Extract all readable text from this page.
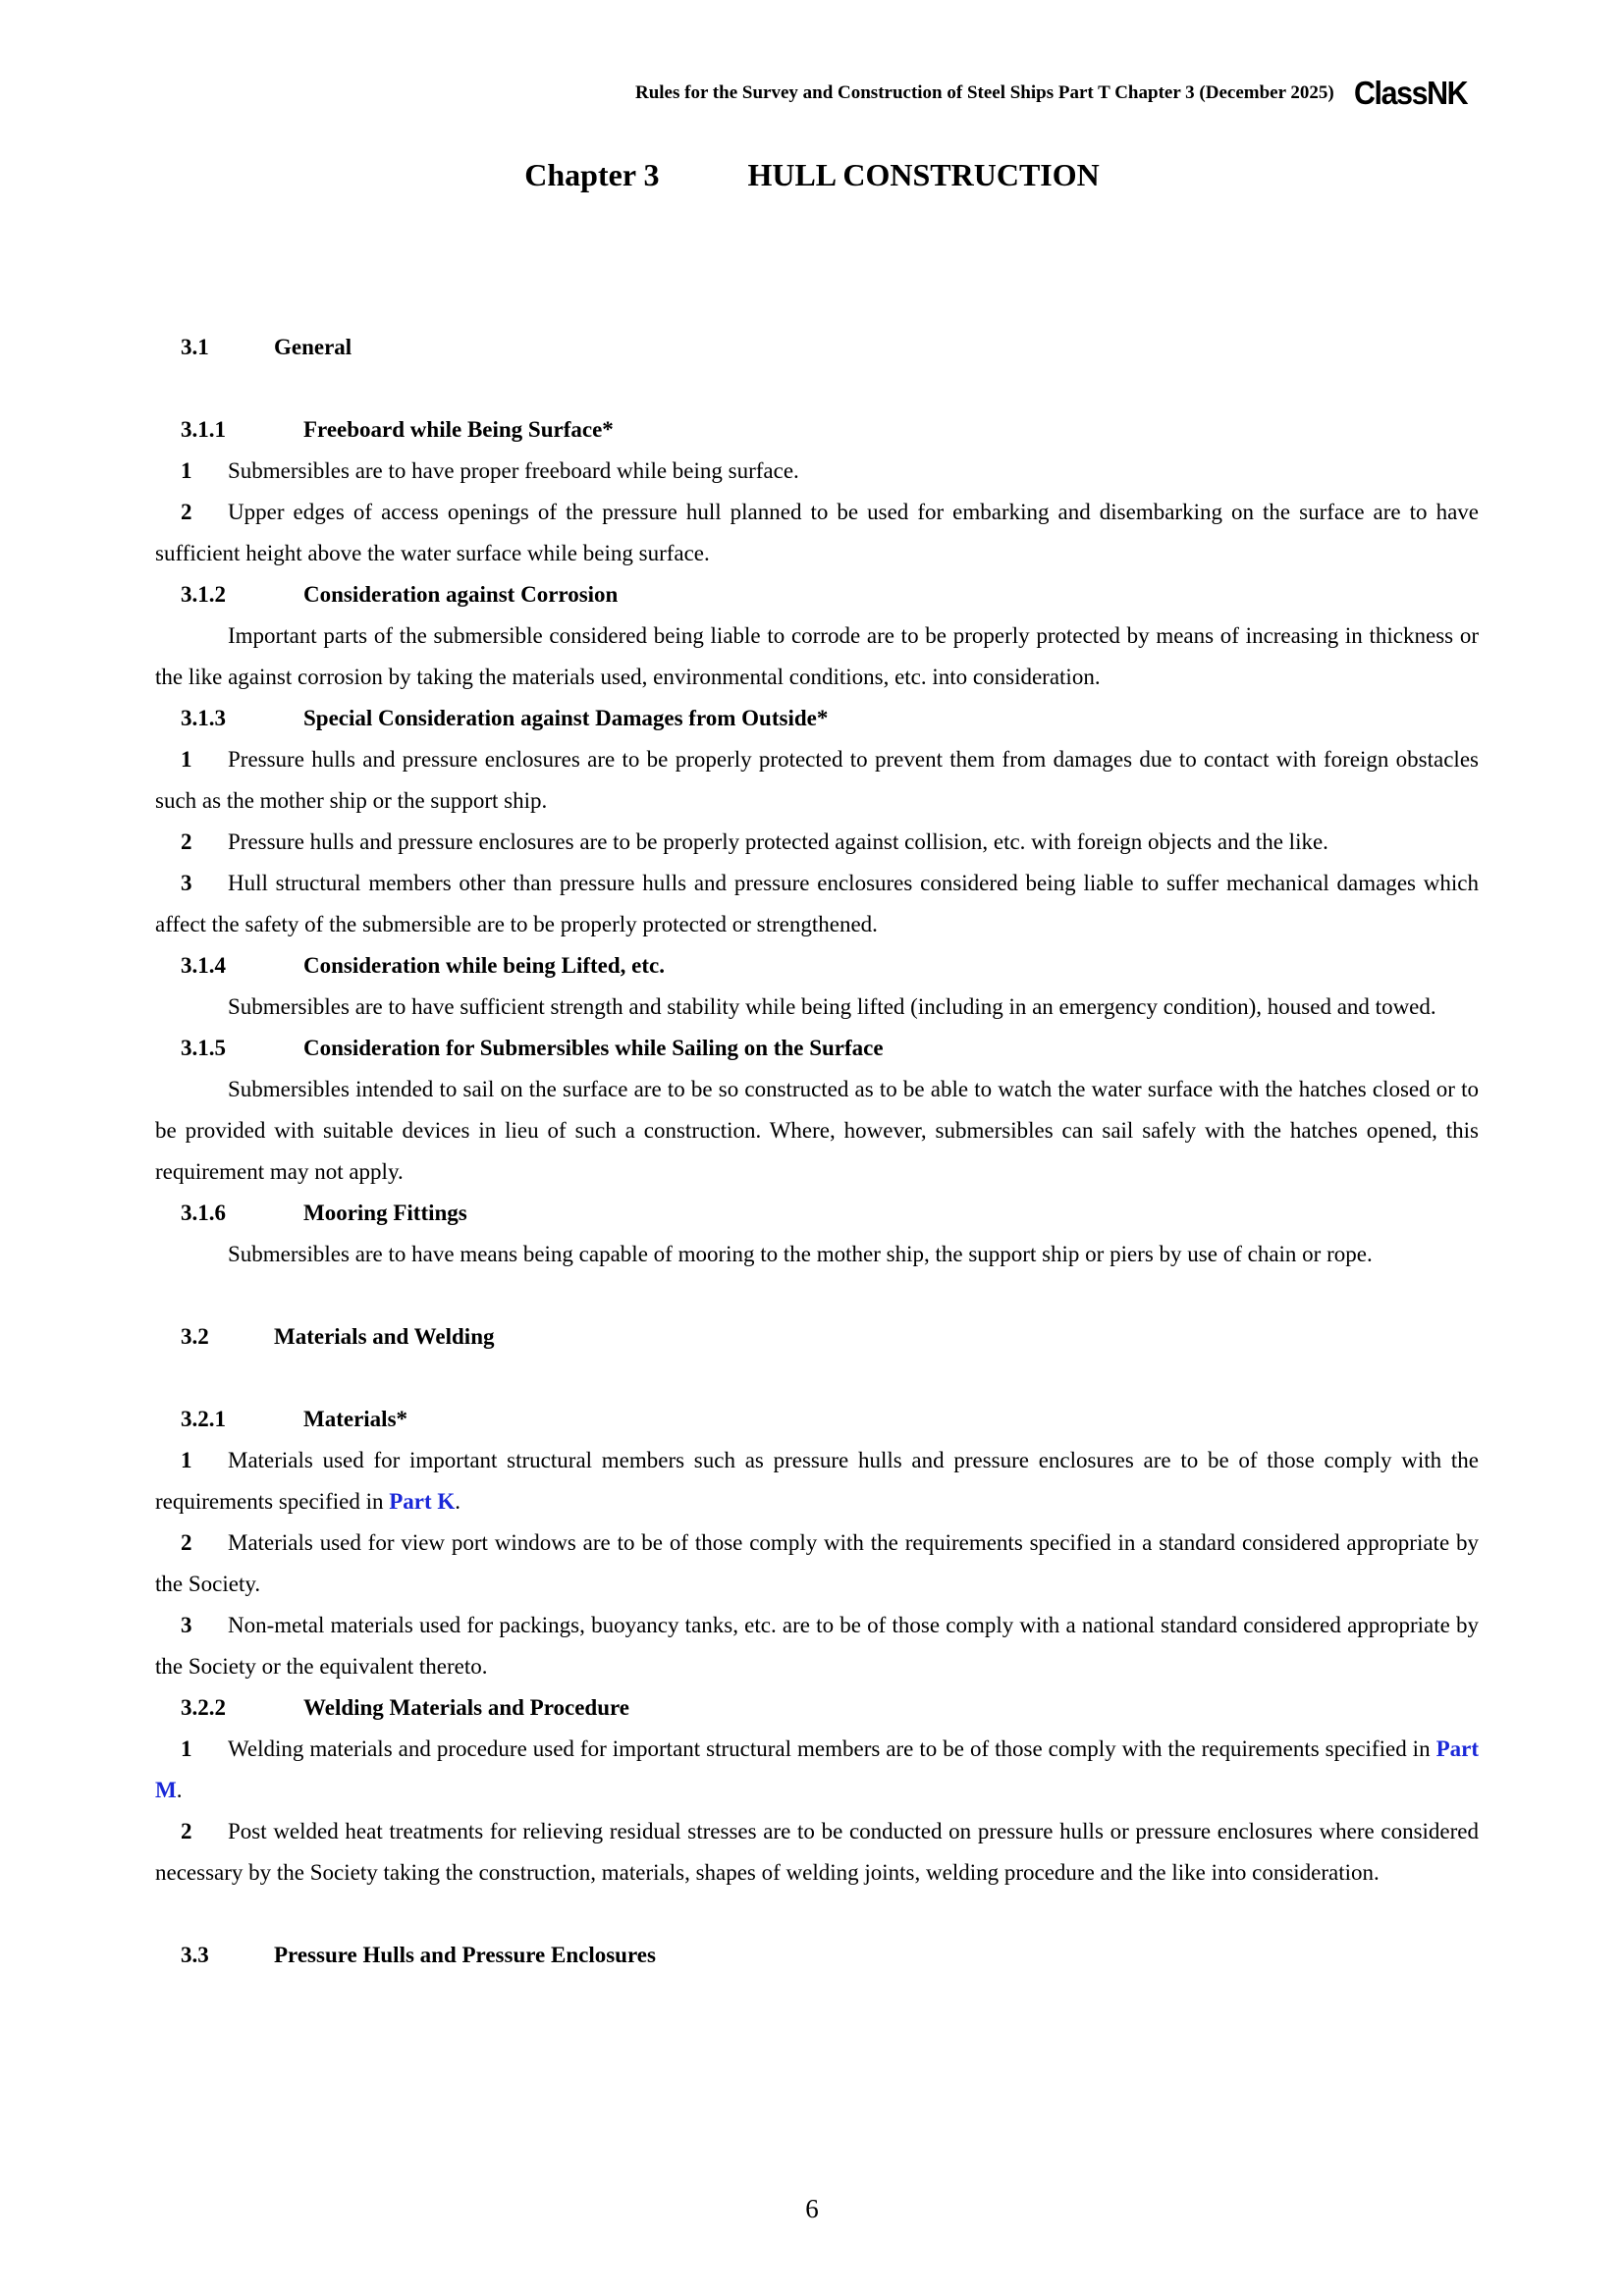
Rules for the Survey and Construction of Steel Ships Part T Chapter 3 (December 2025) ClassNK
Chapter 3	HULL CONSTRUCTION
3.1	General
3.1.1	Freeboard while Being Surface*

1 Submersibles are to have proper freeboard while being surface.

2 Upper edges of access openings of the pressure hull planned to be used for embarking and disembarking on the surface are to have sufficient height above the water surface while being surface.

3.1.2	Consideration against Corrosion

Important parts of the submersible considered being liable to corrode are to be properly protected by means of increasing in thickness or the like against corrosion by taking the materials used, environmental conditions, etc. into consideration.

3.1.3	Special Consideration against Damages from Outside*

1 Pressure hulls and pressure enclosures are to be properly protected to prevent them from damages due to contact with foreign obstacles such as the mother ship or the support ship.

2 Pressure hulls and pressure enclosures are to be properly protected against collision, etc. with foreign objects and the like.

3 Hull structural members other than pressure hulls and pressure enclosures considered being liable to suffer mechanical damages which affect the safety of the submersible are to be properly protected or strengthened.

3.1.4	Consideration while being Lifted, etc.

Submersibles are to have sufficient strength and stability while being lifted (including in an emergency condition), housed and towed.

3.1.5	Consideration for Submersibles while Sailing on the Surface

Submersibles intended to sail on the surface are to be so constructed as to be able to watch the water surface with the hatches closed or to be provided with suitable devices in lieu of such a construction. Where, however, submersibles can sail safely with the hatches opened, this requirement may not apply.

3.1.6	Mooring Fittings

Submersibles are to have means being capable of mooring to the mother ship, the support ship or piers by use of chain or rope.

3.2	Materials and Welding
3.2.1	Materials*

1 Materials used for important structural members such as pressure hulls and pressure enclosures are to be of those comply with the requirements specified in Part K.

2 Materials used for view port windows are to be of those comply with the requirements specified in a standard considered appropriate by the Society.

3 Non-metal materials used for packings, buoyancy tanks, etc. are to be of those comply with a national standard considered appropriate by the Society or the equivalent thereto.

3.2.2	Welding Materials and Procedure

1 Welding materials and procedure used for important structural members are to be of those comply with the requirements specified in Part M.

2 Post welded heat treatments for relieving residual stresses are to be conducted on pressure hulls or pressure enclosures where considered necessary by the Society taking the construction, materials, shapes of welding joints, welding procedure and the like into consideration.

3.3	Pressure Hulls and Pressure Enclosures
6
